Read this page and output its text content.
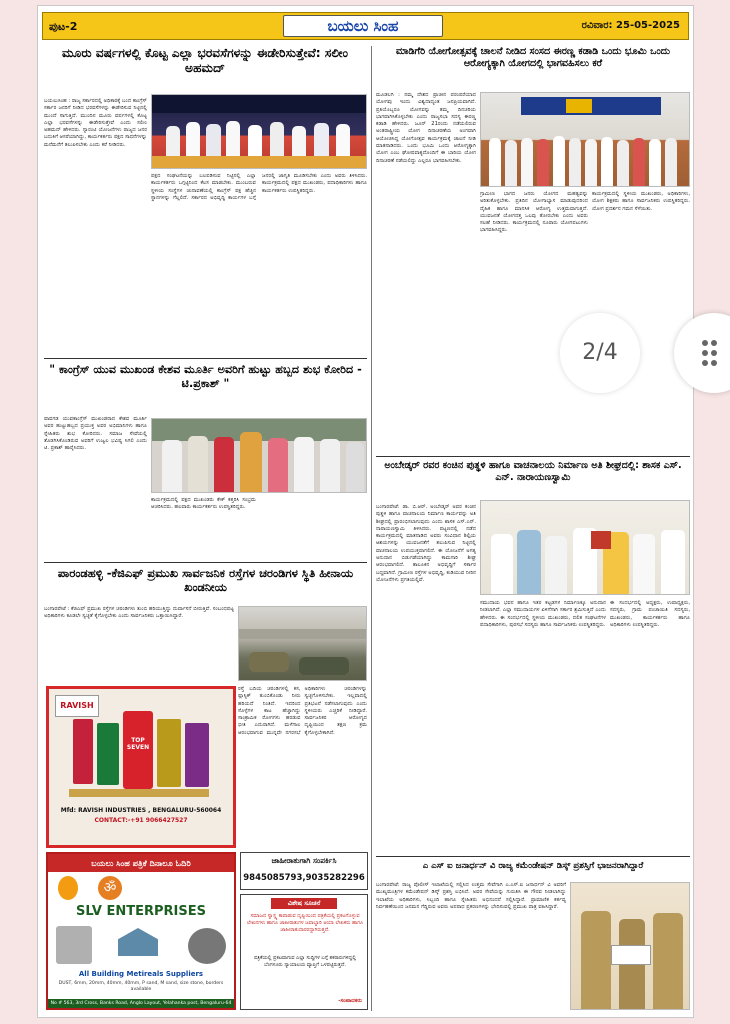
ಪುಟ-2	ಬಯಲು ಸಿಂಹ	ರವಿವಾರ: 25-05-2025
ಮೂರು ವರ್ಷಗಳಲ್ಲಿ ಕೊಟ್ಟ ಎಲ್ಲಾ ಭರವಸೆಗಳನ್ನು ಈಡೇರಿಸುತ್ತೇವೆ: ಸಲೀಂ ಅಹಮದ್
ಬಯಲುಸಿಂಹ : ರಾಜ್ಯ ಸರ್ಕಾರದಲ್ಲಿ ಅಧಿಕಾರಕ್ಕೆ ಬಂದ ಕಾಂಗ್ರೆಸ್ ಸರ್ಕಾರ ಜನರಿಗೆ ನೀಡಿದ ಭರವಸೆಗಳನ್ನು ಈಡೇರಿಸುವ ನಿಟ್ಟಿನಲ್ಲಿ ಮುಂದೆ ಸಾಗುತ್ತಿದೆ. ಮುಂದಿನ ಮೂರು ವರ್ಷಗಳಲ್ಲಿ ಕೊಟ್ಟ ಎಲ್ಲಾ ಭರವಸೆಗಳನ್ನು ಈಡೇರಿಸುತ್ತೇವೆ ಎಂದು ಸಲೀಂ ಅಹಮದ್ ಹೇಳಿದರು. ಗ್ಯಾರಂಟಿ ಯೋಜನೆಗಳು ರಾಜ್ಯದ ಜನರ ಬದುಕಿಗೆ ಆಸರೆಯಾಗಿದ್ದು, ಕಾರ್ಯಕರ್ತರು ಪಕ್ಷದ ಸಾಧನೆಗಳನ್ನು ಮನೆಮನೆಗೆ ತಲುಪಿಸಬೇಕು ಎಂದು ಕರೆ ನೀಡಿದರು.
ಪಕ್ಷದ ಸಂಘಟನೆಯನ್ನು ಬಲಪಡಿಸುವ ನಿಟ್ಟಿನಲ್ಲಿ ಎಲ್ಲಾ ಕಾರ್ಯಕರ್ತರು ಒಗ್ಗಟ್ಟಿನಿಂದ ಕೆಲಸ ಮಾಡಬೇಕು. ಮುಂಬರುವ ಸ್ಥಳೀಯ ಸಂಸ್ಥೆಗಳ ಚುನಾವಣೆಯಲ್ಲಿ ಕಾಂಗ್ರೆಸ್ ಪಕ್ಷ ಹೆಚ್ಚಿನ ಸ್ಥಾನಗಳನ್ನು ಗೆಲ್ಲಲಿದೆ. ಸರ್ಕಾರದ ಅಭಿವೃದ್ಧಿ ಕಾರ್ಯಗಳ ಬಗ್ಗೆ ಜನರಲ್ಲಿ ಜಾಗೃತಿ ಮೂಡಿಸಬೇಕು ಎಂದು ಅವರು ತಿಳಿಸಿದರು. ಕಾರ್ಯಕ್ರಮದಲ್ಲಿ ಪಕ್ಷದ ಮುಖಂಡರು, ಪದಾಧಿಕಾರಿಗಳು ಹಾಗೂ ಕಾರ್ಯಕರ್ತರು ಉಪಸ್ಥಿತರಿದ್ದರು.
" ಕಾಂಗ್ರೆಸ್ ಯುವ ಮುಖಂಡ ಕೇಶವ ಮೂರ್ತಿ ಅವರಿಗೆ ಹುಟ್ಟು ಹಬ್ಬದ ಶುಭ ಕೋರಿದ - ಟಿ.ಪ್ರಕಾಶ್ "
ಪಾವಗಡ ಯುವಕಾಂಗ್ರೆಸ್ ಮುಖಂಡರಾದ ಕೇಶವ ಮೂರ್ತಿ ಅವರ ಹುಟ್ಟುಹಬ್ಬದ ಪ್ರಯುಕ್ತ ಅವರ ಅಭಿಮಾನಿಗಳು ಹಾಗೂ ಸ್ನೇಹಿತರು ಶುಭ ಕೋರಿದರು. ಸಮಾಜ ಸೇವೆಯಲ್ಲಿ ತೊಡಗಿಸಿಕೊಂಡಿರುವ ಅವರಿಗೆ ಉಜ್ವಲ ಭವಿಷ್ಯ ಸಿಗಲಿ ಎಂದು ಟಿ. ಪ್ರಕಾಶ್ ಹಾರೈಸಿದರು.
ಕಾರ್ಯಕ್ರಮದಲ್ಲಿ ಪಕ್ಷದ ಮುಖಂಡರು ಕೇಕ್ ಕತ್ತರಿಸಿ ಸಂಭ್ರಮ ಆಚರಿಸಿದರು. ಹಲವಾರು ಕಾರ್ಯಕರ್ತರು ಉಪಸ್ಥಿತರಿದ್ದರು.
ಪಾರಂಡಹಳ್ಳಿ -ಕೆಜಿಎಫ್ ಪ್ರಮುಖ ಸಾರ್ವಜನಿಕ ರಸ್ತೆಗಳ ಚರಂಡಿಗಳ ಸ್ಥಿತಿ ಹೀನಾಯ ಖಂಡನೀಯ
ಬಂಗಾರಪೇಟೆ : ಕೆಜಿಎಫ್ ಪ್ರಮುಖ ರಸ್ತೆಗಳ ಚರಂಡಿಗಳು ತುಂಬಿ ಹರಿಯುತ್ತಿದ್ದು ದುರ್ವಾಸನೆ ಬೀರುತ್ತಿವೆ. ಸಂಬಂಧಪಟ್ಟ ಅಧಿಕಾರಿಗಳು ಕೂಡಲೇ ಸ್ವಚ್ಛತೆ ಕೈಗೊಳ್ಳಬೇಕು ಎಂದು ಸಾರ್ವಜನಿಕರು ಒತ್ತಾಯಿಸಿದ್ದಾರೆ.
RAVISH
TOP SEVEN
Mfd: RAVISH INDUSTRIES , BENGALURU-560064
CONTACT:-+91 9066427527
ರಸ್ತೆ ಬದಿಯ ಚರಂಡಿಗಳಲ್ಲಿ ಕಸ, ಪ್ಲಾಸ್ಟಿಕ್ ತುಂಬಿಕೊಂಡು ನೀರು ಹರಿಯದೆ ನಿಂತಿದೆ. ಇದರಿಂದ ಸೊಳ್ಳೆಗಳ ಕಾಟ ಹೆಚ್ಚಾಗಿದ್ದು ಸಾಂಕ್ರಾಮಿಕ ರೋಗಗಳು ಹರಡುವ ಭೀತಿ ಎದುರಾಗಿದೆ. ಮಳೆಗಾಲ ಆರಂಭವಾಗುವ ಮುನ್ನವೇ ನಗರಸಭೆ ಅಧಿಕಾರಿಗಳು ಚರಂಡಿಗಳನ್ನು ಸ್ವಚ್ಛಗೊಳಿಸಬೇಕು. ಇಲ್ಲವಾದಲ್ಲಿ ಪ್ರತಿಭಟನೆ ನಡೆಸಲಾಗುವುದು ಎಂದು ಸ್ಥಳೀಯರು ಎಚ್ಚರಿಕೆ ನೀಡಿದ್ದಾರೆ. ಸಾರ್ವಜನಿಕರ ಆರೋಗ್ಯದ ದೃಷ್ಟಿಯಿಂದ ತಕ್ಷಣ ಕ್ರಮ ಕೈಗೊಳ್ಳಬೇಕಾಗಿದೆ.
ಬಯಲು ಸಿಂಹ ಪತ್ರಿಕೆ ದಿನಾಲೂ ಓದಿರಿ
ॐ
SLV ENTERPRISES
All Building Metireals Suppliers
DUST, 6mm, 20mm, 40mm, 40mm, P sand, M sand, size stone, borders available
No # 563, 3rd Cross, Banks Road, Anglo Layout, Yelahanka post, Bengaluru-64
ಜಾಹೀರಾತುಗಾಗಿ ಸಂಪರ್ಕಿಸಿ
9845085793,9035282296
ವಿಶೇಷ ಸೂಚನೆ
ಸಮಾಜದ ಸ್ವಾಸ್ಥ್ಯ ಕಾಪಾಡುವ ದೃಷ್ಟಿಯಿಂದ ಪತ್ರಿಕೆಯಲ್ಲಿ ಪ್ರಕಟಗೊಳ್ಳುವ ಲೇಖನಗಳು ಹಾಗೂ ಜಾಹೀರಾತುಗಳ ಜವಾಬ್ದಾರಿ ಆಯಾ ಲೇಖಕರು ಹಾಗೂ ಜಾಹೀರಾತುದಾರರದ್ದಾಗಿರುತ್ತದೆ.
ಪತ್ರಿಕೆಯಲ್ಲಿ ಪ್ರಕಟವಾಗುವ ಎಲ್ಲಾ ಸುದ್ದಿಗಳ ಬಗ್ಗೆ ತಕರಾರುಗಳಿದ್ದಲ್ಲಿ ಬೆಂಗಳೂರು ನ್ಯಾಯಾಲಯ ವ್ಯಾಪ್ತಿಗೆ ಒಳಪಟ್ಟಿರುತ್ತದೆ.
-ಸಂಪಾದಕರು
ಮಾಡಿಗೆರಿ ಯೋಗೋತ್ಸವಕ್ಕೆ ಚಾಲನೆ ನೀಡಿದ ಸಂಸದ ಈರಣ್ಣ ಕಡಾಡಿ ಒಂದು ಭೂಮಿ ಒಂದು ಆರೋಗ್ಯಕ್ಕಾಗಿ ಯೋಗದಲ್ಲಿ ಭಾಗವಹಿಸಲು ಕರೆ
ಮೂಡಲಗಿ : ನಮ್ಮ ದೇಶದ ಪ್ರಾಚೀನ ಪರಂಪರೆಯಾದ ಯೋಗವು ಇಂದು ವಿಶ್ವದಾದ್ಯಂತ ಜನಪ್ರಿಯವಾಗಿದೆ. ಪ್ರತಿಯೊಬ್ಬರೂ ಯೋಗವನ್ನು ತಮ್ಮ ದಿನಚರಿಯ ಭಾಗವಾಗಿಸಿಕೊಳ್ಳಬೇಕು ಎಂದು ರಾಜ್ಯಸಭಾ ಸದಸ್ಯ ಈರಣ್ಣ ಕಡಾಡಿ ಹೇಳಿದರು. ಜೂನ್ 21ರಂದು ನಡೆಯಲಿರುವ ಅಂತರಾಷ್ಟ್ರೀಯ ಯೋಗ ದಿನಾಚರಣೆಯ ಅಂಗವಾಗಿ ಆಯೋಜಿಸಿದ್ದ ಯೋಗೋತ್ಸವ ಕಾರ್ಯಕ್ರಮಕ್ಕೆ ಚಾಲನೆ ನೀಡಿ ಮಾತನಾಡಿದರು. ಒಂದು ಭೂಮಿ ಒಂದು ಆರೋಗ್ಯಕ್ಕಾಗಿ ಯೋಗ ಎಂಬ ಘೋಷವಾಕ್ಯದೊಂದಿಗೆ ಈ ಬಾರಿಯ ಯೋಗ ದಿನಾಚರಣೆ ನಡೆಯಲಿದ್ದು ಎಲ್ಲರೂ ಭಾಗವಹಿಸಬೇಕು.
ಗ್ರಾಮೀಣ ಭಾಗದ ಜನರು ಯೋಗದ ಮಹತ್ವವನ್ನು ಅರಿತುಕೊಳ್ಳಬೇಕು. ಪ್ರತಿದಿನ ಯೋಗಾಭ್ಯಾಸ ಮಾಡುವುದರಿಂದ ದೈಹಿಕ ಹಾಗೂ ಮಾನಸಿಕ ಆರೋಗ್ಯ ಉತ್ತಮವಾಗುತ್ತದೆ. ಯುವಜನತೆ ಯೋಗದತ್ತ ಒಲವು ತೋರಬೇಕು ಎಂದು ಅವರು ಸಲಹೆ ನೀಡಿದರು. ಕಾರ್ಯಕ್ರಮದಲ್ಲಿ ನೂರಾರು ಯೋಗಪಟುಗಳು ಭಾಗವಹಿಸಿದ್ದರು.
ಕಾರ್ಯಕ್ರಮದಲ್ಲಿ ಸ್ಥಳೀಯ ಮುಖಂಡರು, ಅಧಿಕಾರಿಗಳು, ಯೋಗ ಶಿಕ್ಷಕರು ಹಾಗೂ ಸಾರ್ವಜನಿಕರು ಉಪಸ್ಥಿತರಿದ್ದರು. ಯೋಗ ಪ್ರದರ್ಶನ ಗಮನ ಸೆಳೆಯಿತು.
ಅಂಬೇಡ್ಕರ್ ರವರ ಕಂಚಿನ ಪುತ್ಥಳಿ ಹಾಗೂ ವಾಚನಾಲಯ ನಿರ್ಮಾಣ ಅತಿ ಶೀಘ್ರದಲ್ಲಿ: ಶಾಸಕ ಎಸ್. ಎನ್. ನಾರಾಯಣಸ್ವಾಮಿ
ಬಂಗಾರಪೇಟೆ: ಡಾ. ಬಿ.ಆರ್. ಅಂಬೇಡ್ಕರ್ ಅವರ ಕಂಚಿನ ಪುತ್ಥಳಿ ಹಾಗೂ ವಾಚನಾಲಯ ನಿರ್ಮಾಣ ಕಾರ್ಯವನ್ನು ಅತಿ ಶೀಘ್ರದಲ್ಲಿ ಪ್ರಾರಂಭಿಸಲಾಗುವುದು ಎಂದು ಶಾಸಕ ಎಸ್.ಎನ್. ನಾರಾಯಣಸ್ವಾಮಿ ತಿಳಿಸಿದರು. ಪಟ್ಟಣದಲ್ಲಿ ನಡೆದ ಕಾರ್ಯಕ್ರಮದಲ್ಲಿ ಮಾತನಾಡಿದ ಅವರು ಸಂವಿಧಾನ ಶಿಲ್ಪಿಯ ಆಶಯಗಳನ್ನು ಯುವಜನತೆಗೆ ತಲುಪಿಸುವ ನಿಟ್ಟಿನಲ್ಲಿ ವಾಚನಾಲಯ ಉಪಯುಕ್ತವಾಗಲಿದೆ. ಈ ಯೋಜನೆಗೆ ಅಗತ್ಯ ಅನುದಾನ ಬಿಡುಗಡೆಯಾಗಿದ್ದು ಕಾಮಗಾರಿ ಶೀಘ್ರ ಆರಂಭವಾಗಲಿದೆ. ತಾಲೂಕಿನ ಅಭಿವೃದ್ಧಿಗೆ ಸರ್ಕಾರ ಬದ್ಧವಾಗಿದೆ. ಗ್ರಾಮೀಣ ರಸ್ತೆಗಳ ಅಭಿವೃದ್ಧಿ, ಕುಡಿಯುವ ನೀರಿನ ಯೋಜನೆಗಳು ಪ್ರಗತಿಯಲ್ಲಿವೆ.
ಸಮುದಾಯ ಭವನ ಹಾಗೂ ಇತರ ಕಟ್ಟಡಗಳ ನಿರ್ಮಾಣಕ್ಕೂ ಅನುದಾನ ನೀಡಲಾಗಿದೆ. ಎಲ್ಲಾ ಸಮುದಾಯಗಳ ಏಳಿಗೆಗಾಗಿ ಸರ್ಕಾರ ಶ್ರಮಿಸುತ್ತಿದೆ ಎಂದು ಹೇಳಿದರು. ಈ ಸಂದರ್ಭದಲ್ಲಿ ಸ್ಥಳೀಯ ಮುಖಂಡರು, ದಲಿತ ಸಂಘಟನೆಗಳ ಪದಾಧಿಕಾರಿಗಳು, ಪುರಸಭೆ ಸದಸ್ಯರು ಹಾಗೂ ಸಾರ್ವಜನಿಕರು ಉಪಸ್ಥಿತರಿದ್ದರು.
ಈ ಸಂದರ್ಭದಲ್ಲಿ ಅಧ್ಯಕ್ಷರು, ಉಪಾಧ್ಯಕ್ಷರು, ಸದಸ್ಯರು, ಗ್ರಾಮ ಪಂಚಾಯಿತಿ ಸದಸ್ಯರು, ಮುಖಂಡರು, ಕಾರ್ಯಕರ್ತರು ಹಾಗೂ ಅಧಿಕಾರಿಗಳು ಉಪಸ್ಥಿತರಿದ್ದರು.
ಎ ಎಸ್ ಐ ಜನಾರ್ಧನ್ ವಿ ರಾಜ್ಯ ಕಮೆಂಡೇಷನ್ ಡಿಸ್ಕ್ ಪ್ರಶಸ್ತಿಗೆ ಭಾಜನರಾಗಿದ್ದಾರೆ
ಬಂಗಾರಪೇಟೆ: ರಾಜ್ಯ ಪೊಲೀಸ್ ಇಲಾಖೆಯಲ್ಲಿ ಸಲ್ಲಿಸಿದ ಉತ್ತಮ ಸೇವೆಗಾಗಿ ಎ.ಎಸ್.ಐ ಜನಾರ್ಧನ್ ವಿ ಅವರಿಗೆ ಮುಖ್ಯಮಂತ್ರಿಗಳ ಕಮೆಂಡೇಷನ್ ಡಿಸ್ಕ್ ಪ್ರಶಸ್ತಿ ಲಭಿಸಿದೆ. ಅವರ ಸೇವೆಯನ್ನು ಗುರುತಿಸಿ ಈ ಗೌರವ ನೀಡಲಾಗಿದ್ದು ಇಲಾಖೆಯ ಅಧಿಕಾರಿಗಳು, ಸಿಬ್ಬಂದಿ ಹಾಗೂ ಸ್ನೇಹಿತರು ಅಭಿನಂದನೆ ಸಲ್ಲಿಸಿದ್ದಾರೆ. ಪ್ರಾಮಾಣಿಕ ಕರ್ತವ್ಯ ನಿರ್ವಹಣೆಯಿಂದ ಜನಮನ ಗೆದ್ದಿರುವ ಅವರು ಅಪರಾಧ ಪ್ರಕರಣಗಳನ್ನು ಭೇದಿಸುವಲ್ಲಿ ಪ್ರಮುಖ ಪಾತ್ರ ವಹಿಸಿದ್ದಾರೆ.
2/4
